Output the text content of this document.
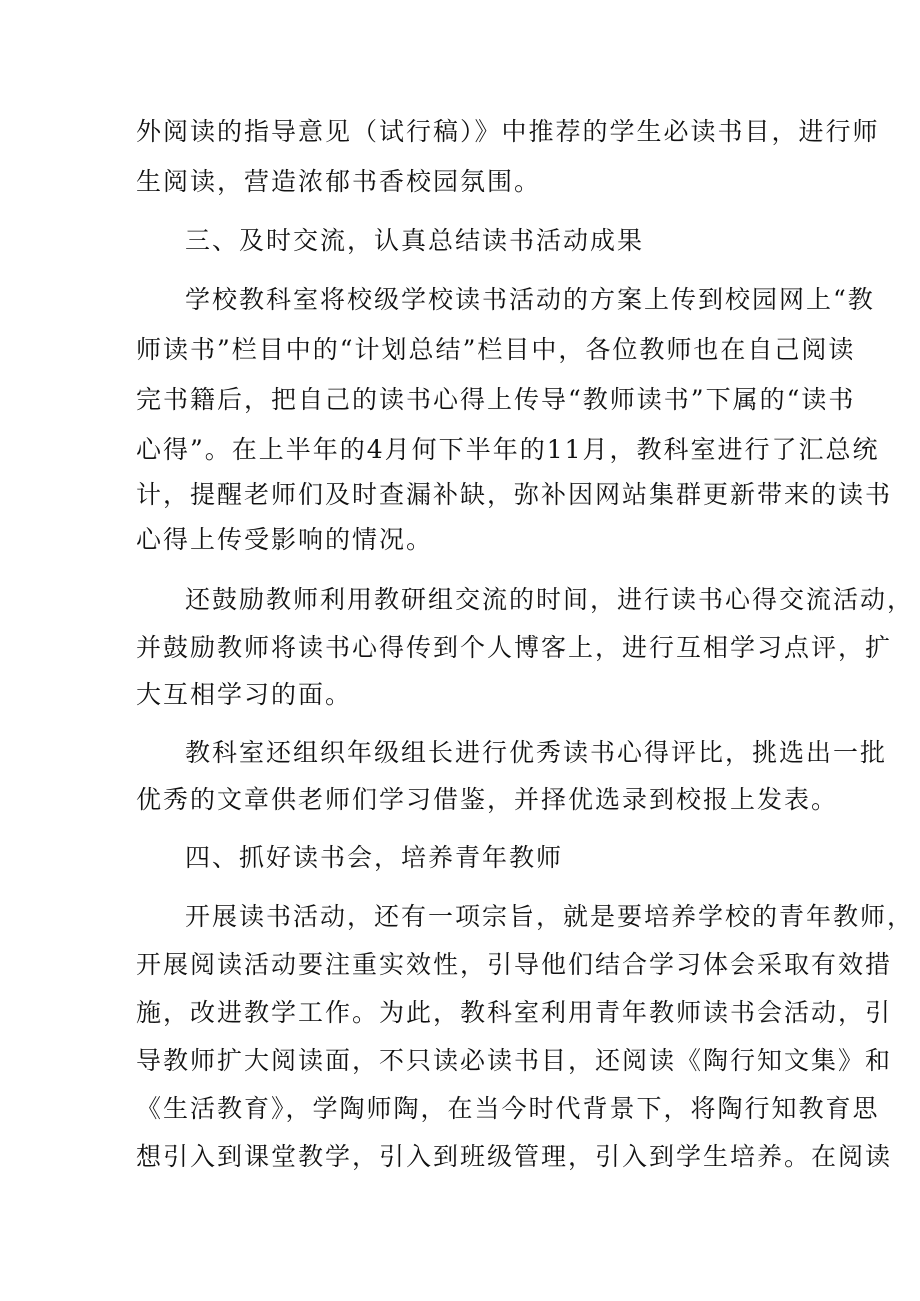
外阅读的指导意见（试行稿）》中推荐的学生必读书目，进行师
生阅读，营造浓郁书香校园氛围。
三、及时交流，认真总结读书活动成果
学校教科室将校级学校读书活动的方案上传到校园网上“教
师读书”栏目中的“计划总结”栏目中，各位教师也在自己阅读
完书籍后，把自己的读书心得上传导“教师读书”下属的“读书
心得”。在上半年的4月何下半年的11月，教科室进行了汇总统
计，提醒老师们及时查漏补缺，弥补因网站集群更新带来的读书
心得上传受影响的情况。
还鼓励教师利用教研组交流的时间，进行读书心得交流活动，
并鼓励教师将读书心得传到个人博客上，进行互相学习点评，扩
大互相学习的面。
教科室还组织年级组长进行优秀读书心得评比，挑选出一批
优秀的文章供老师们学习借鉴，并择优选录到校报上发表。
四、抓好读书会，培养青年教师
开展读书活动，还有一项宗旨，就是要培养学校的青年教师，
开展阅读活动要注重实效性，引导他们结合学习体会采取有效措
施，改进教学工作。为此，教科室利用青年教师读书会活动，引
导教师扩大阅读面，不只读必读书目，还阅读《陶行知文集》和
《生活教育》，学陶师陶，在当今时代背景下，将陶行知教育思
想引入到课堂教学，引入到班级管理，引入到学生培养。在阅读
